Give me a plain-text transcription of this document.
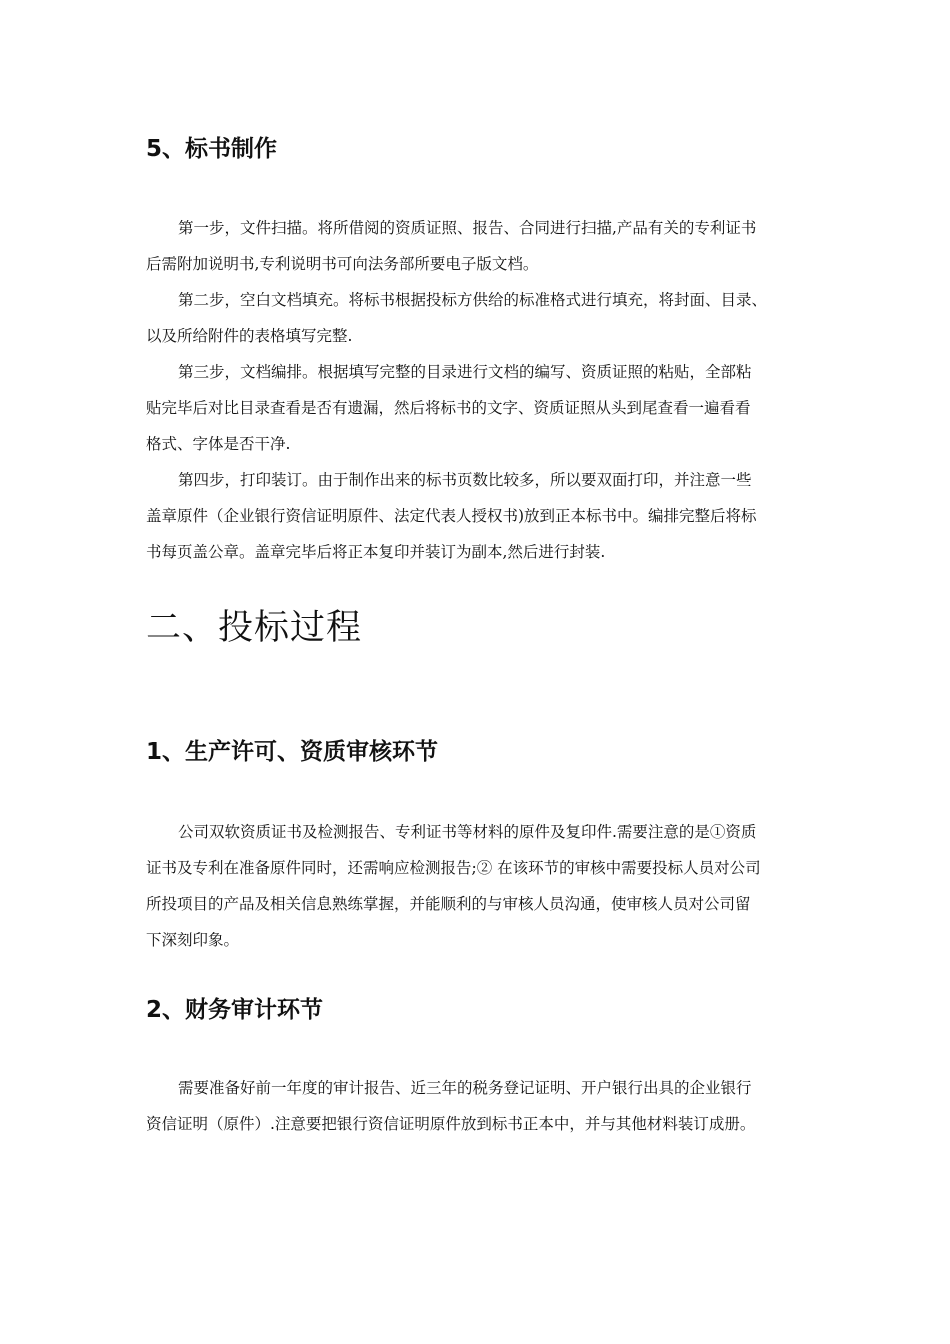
5、标书制作

第一步，文件扫描。将所借阅的资质证照、报告、合同进行扫描,产品有关的专利证书
后需附加说明书,专利说明书可向法务部所要电子版文档。

第二步，空白文档填充。将标书根据投标方供给的标准格式进行填充，将封面、目录、
以及所给附件的表格填写完整.

第三步，文档编排。根据填写完整的目录进行文档的编写、资质证照的粘贴，全部粘
贴完毕后对比目录查看是否有遗漏，然后将标书的文字、资质证照从头到尾查看一遍看看
格式、字体是否干净.

第四步，打印装订。由于制作出来的标书页数比较多，所以要双面打印，并注意一些
盖章原件（企业银行资信证明原件、法定代表人授权书)放到正本标书中。编排完整后将标
书每页盖公章。盖章完毕后将正本复印并装订为副本,然后进行封装.

二、投标过程
1、生产许可、资质审核环节

公司双软资质证书及检测报告、专利证书等材料的原件及复印件.需要注意的是①资质
证书及专利在准备原件同时，还需响应检测报告;② 在该环节的审核中需要投标人员对公司
所投项目的产品及相关信息熟练掌握，并能顺利的与审核人员沟通，使审核人员对公司留
下深刻印象。

2、财务审计环节

需要准备好前一年度的审计报告、近三年的税务登记证明、开户银行出具的企业银行
资信证明（原件）.注意要把银行资信证明原件放到标书正本中，并与其他材料装订成册。
